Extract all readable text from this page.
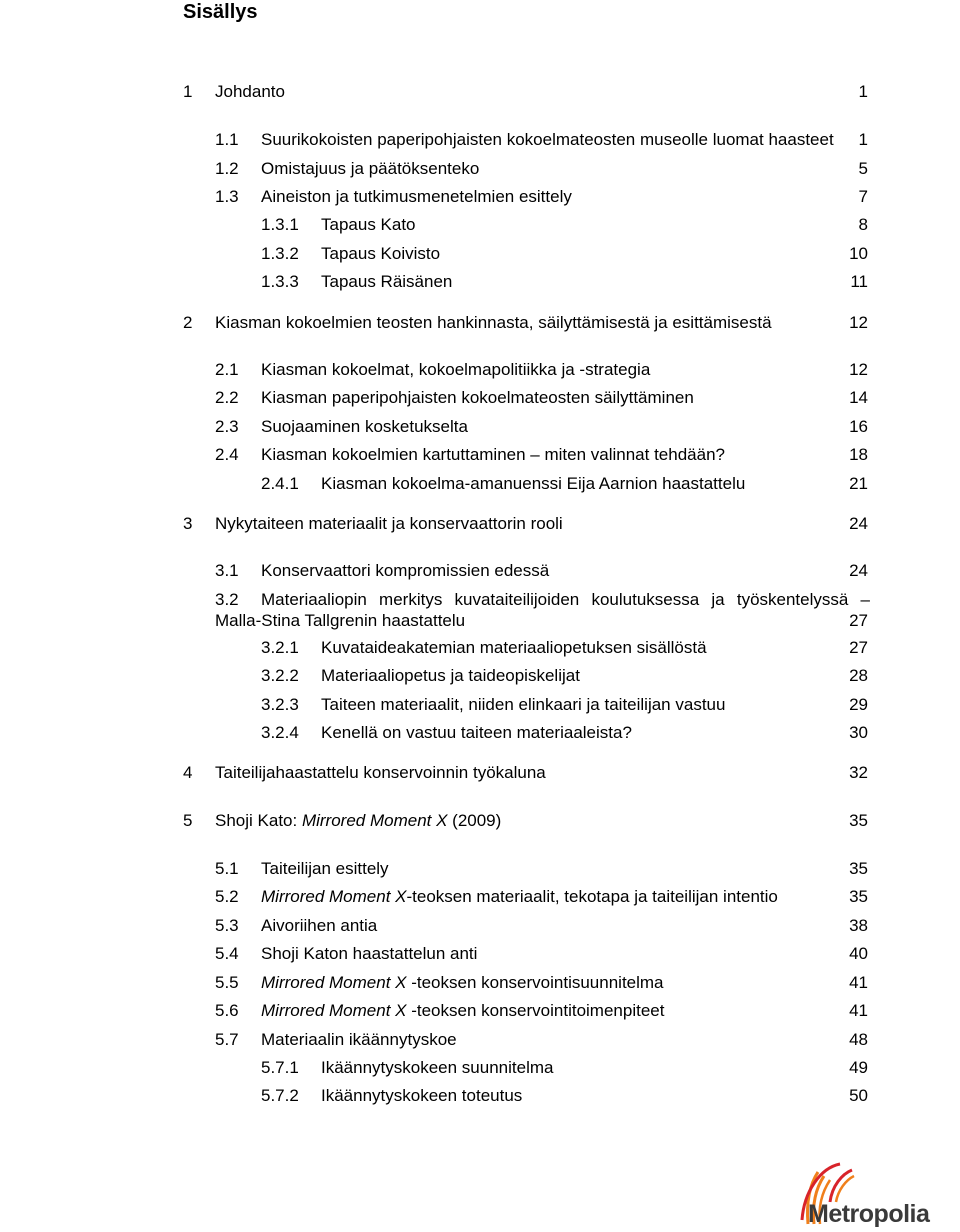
Sisällys
1 Johdanto	1
1.1 Suurikokoisten paperipohjaisten kokoelmateosten museolle luomat haasteet 1
1.2 Omistajuus ja päätöksenteko	5
1.3 Aineiston ja tutkimusmenetelmien esittely	7
1.3.1 Tapaus Kato	8
1.3.2 Tapaus Koivisto	10
1.3.3 Tapaus Räisänen	11
2 Kiasman kokoelmien teosten hankinnasta, säilyttämisestä ja esittämisestä	12
2.1 Kiasman kokoelmat, kokoelmapolitiikka ja -strategia	12
2.2 Kiasman paperipohjaisten kokoelmateosten säilyttäminen	14
2.3 Suojaaminen kosketukselta	16
2.4 Kiasman kokoelmien kartuttaminen – miten valinnat tehdään?	18
2.4.1 Kiasman kokoelma-amanuenssi Eija Aarnion haastattelu	21
3 Nykytaiteen materiaalit ja konservaattorin rooli	24
3.1 Konservaattori kompromissien edessä	24
3.2 Materiaaliopin merkitys kuvataiteilijoiden koulutuksessa ja työskentelyssä –
Malla-Stina Tallgrenin haastattelu	27
3.2.1 Kuvataideakatemian materiaaliopetuksen sisällöstä	27
3.2.2 Materiaaliopetus ja taideopiskelijat	28
3.2.3 Taiteen materiaalit, niiden elinkaari ja taiteilijan vastuu	29
3.2.4 Kenellä on vastuu taiteen materiaaleista?	30
4 Taiteilijahaastattelu konservoinnin työkaluna	32
5 Shoji Kato: Mirrored Moment X (2009)	35
5.1 Taiteilijan esittely	35
5.2 Mirrored Moment X-teoksen materiaalit, tekotapa ja taiteilijan intentio	35
5.3 Aivoriihen antia	38
5.4 Shoji Katon haastattelun anti	40
5.5 Mirrored Moment X -teoksen konservointisuunnitelma	41
5.6 Mirrored Moment X -teoksen konservointitoimenpiteet	41
5.7 Materiaalin ikäännytyskoe	48
5.7.1 Ikäännytyskokeen suunnitelma	49
5.7.2 Ikäännytyskokeen toteutus	50
Metropolia
